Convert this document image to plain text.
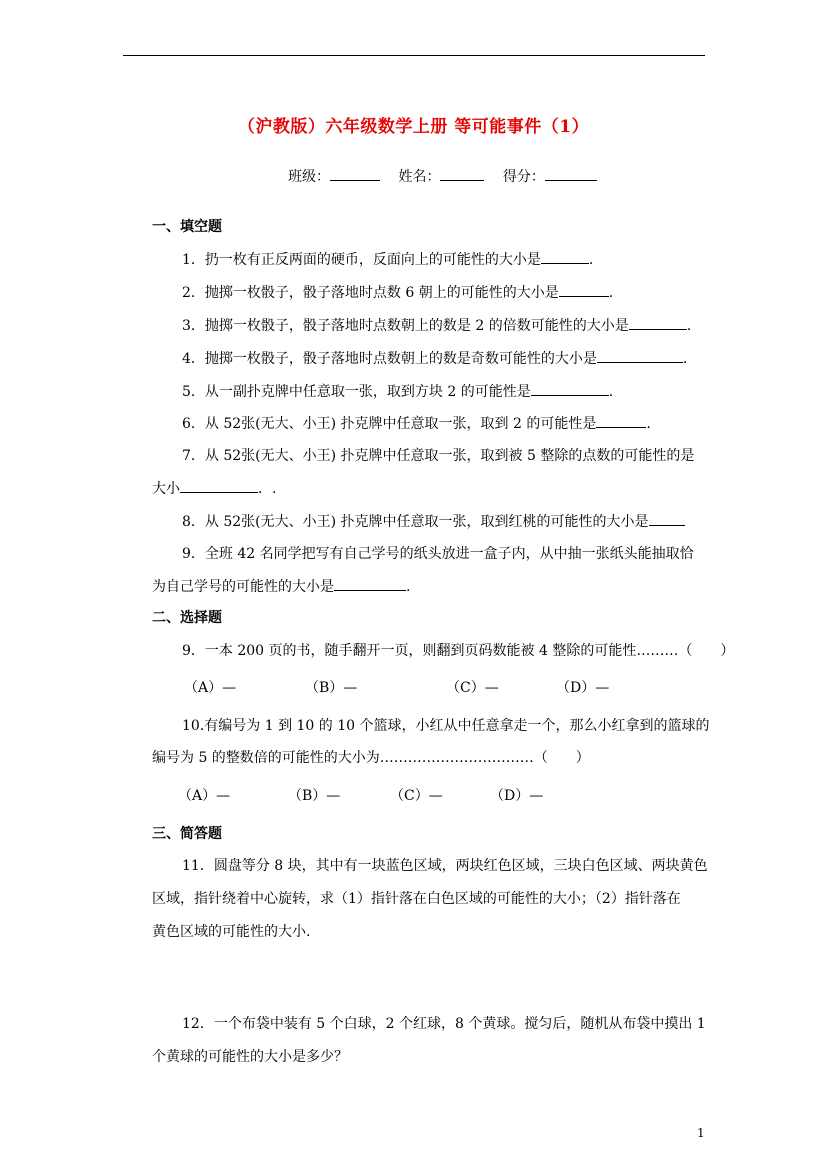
（沪教版）六年级数学上册 等可能事件（1）
班级：	姓名：	得分：
一、填空题
1．扔一枚有正反两面的硬币，反面向上的可能性的大小是	.
2．抛掷一枚骰子，骰子落地时点数 6 朝上的可能性的大小是	.
3．抛掷一枚骰子，骰子落地时点数朝上的数是 2 的倍数可能性的大小是	.
4．抛掷一枚骰子，骰子落地时点数朝上的数是奇数可能性的大小是	.
5．从一副扑克牌中任意取一张，取到方块 2 的可能性是	.
6．从 52张(无大、小王) 扑克牌中任意取一张，取到 2 的可能性是	.
7．从 52张(无大、小王) 扑克牌中任意取一张，取到被 5 整除的点数的可能性的是
大小	．.
8．从 52张(无大、小王) 扑克牌中任意取一张，取到红桃的可能性的大小是
9．全班 42 名同学把写有自己学号的纸头放进一盒子内，从中抽一张纸头能抽取恰
为自己学号的可能性的大小是	.
二、选择题
9．一本 200 页的书，随手翻开一页，则翻到页码数能被 4 整除的可能性………（　　）
（A）—	（B）—	（C）—	（D）—
10.有编号为 1 到 10 的 10 个篮球，小红从中任意拿走一个，那么小红拿到的篮球的
编号为 5 的整数倍的可能性的大小为……………………………（　　）
（A）—	（B）—	（C）—	（D）—
三、简答题
11．圆盘等分 8 块，其中有一块蓝色区域，两块红色区域，三块白色区域、两块黄色
区域，指针绕着中心旋转，求（1）指针落在白色区域的可能性的大小；（2）指针落在
黄色区域的可能性的大小.
12．一个布袋中装有 5 个白球，2 个红球，8 个黄球。搅匀后，随机从布袋中摸出 1
个黄球的可能性的大小是多少？
1
